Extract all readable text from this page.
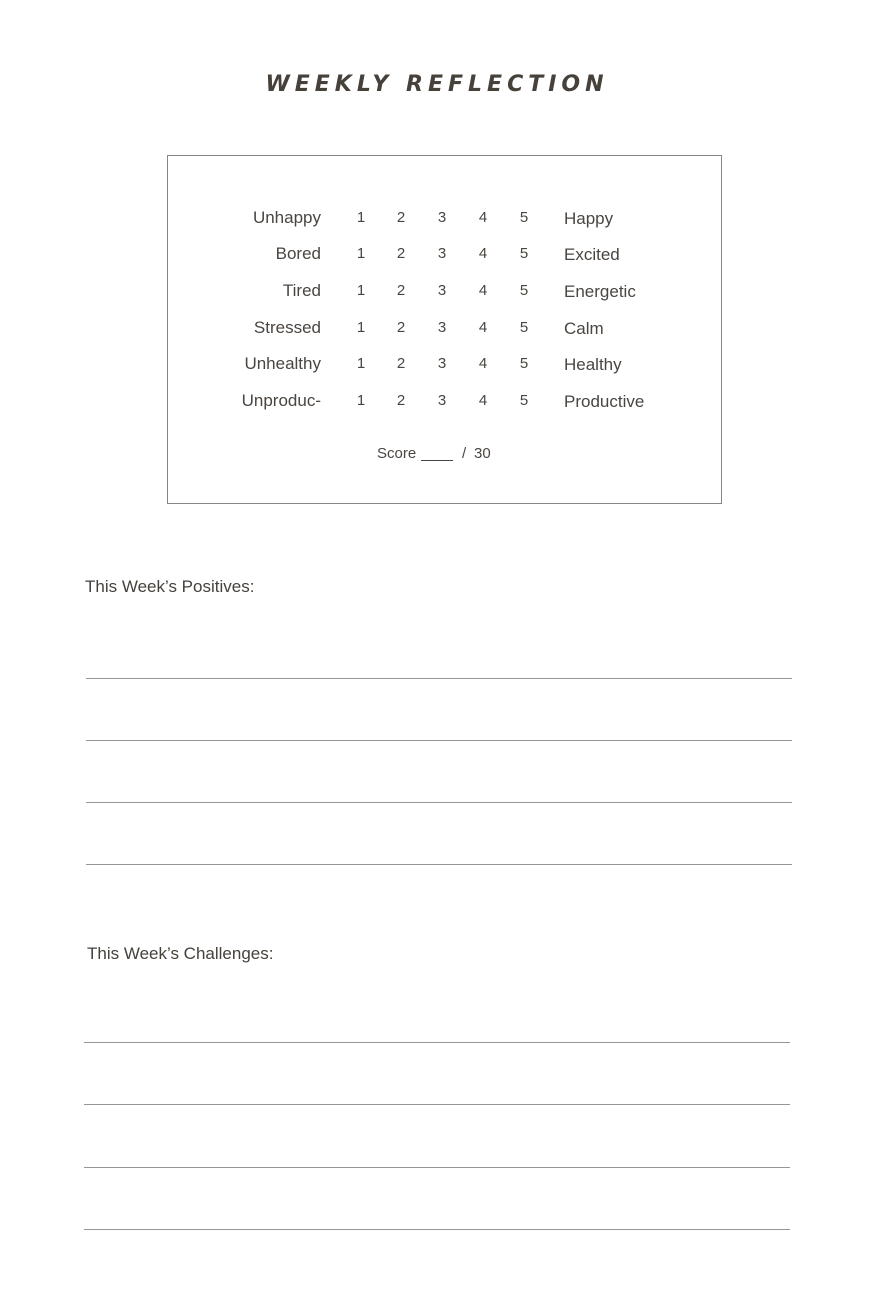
WEEKLY REFLECTION
Unhappy	1	2	3	4	5	Happy
Bored	1	2	3	4	5	Excited
Tired	1	2	3	4	5	Energetic
Stressed	1	2	3	4	5	Calm
Unhealthy	1	2	3	4	5	Healthy
Unproduc-	1	2	3	4	5	Productive
Score	/ 30
This Week’s Positives:
This Week’s Challenges:
